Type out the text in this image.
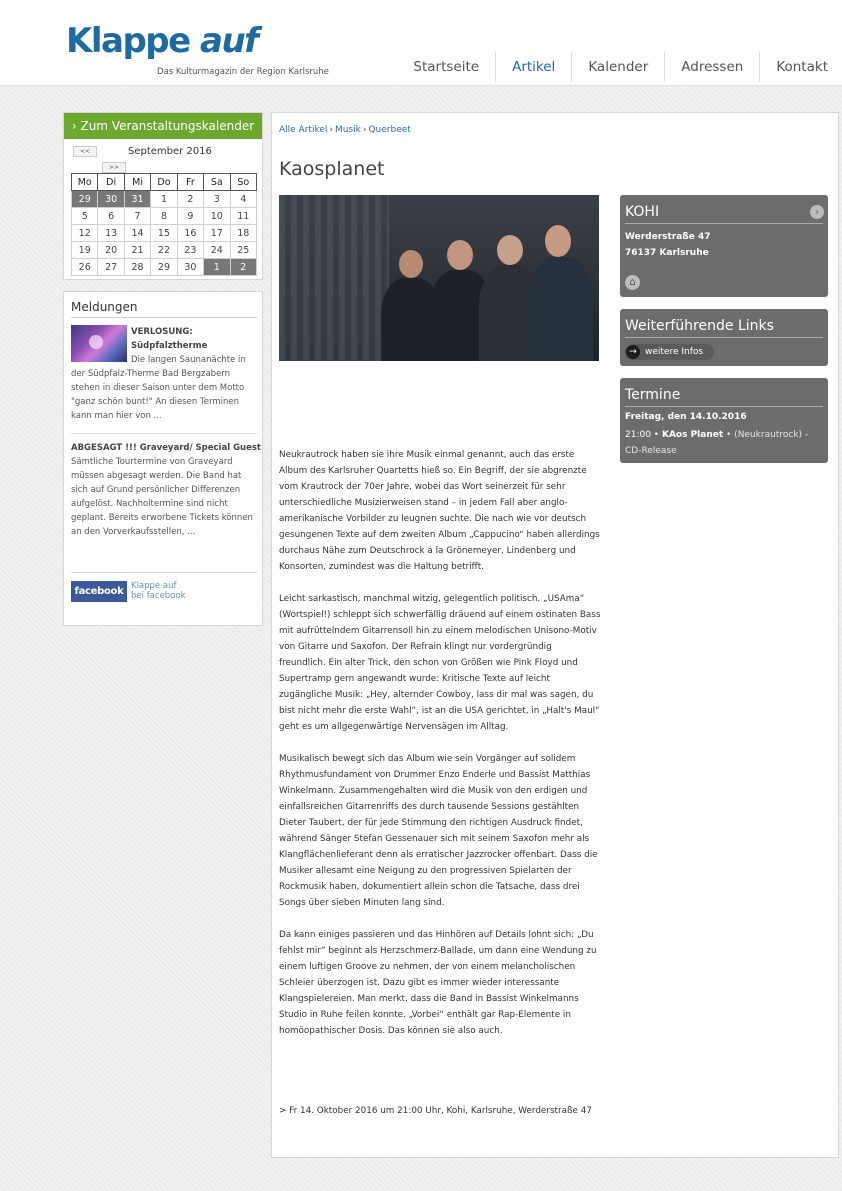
Klappe auf
Das Kulturmagazin der Region Karlsruhe	Startseite	Artikel	Kalender	Adressen	Kontakt
› Zum Veranstaltungskalender
<<	September 2016
>>
Mo	Di	Mi	Do	Fr	Sa	So
29	30	31	1	2	3	4
5	6	7	8	9	10	11
12	13	14	15	16	17	18
19	20	21	22	23	24	25
26	27	28	29	30	1	2
Meldungen
VERLOSUNG: Südpfalztherme
Die langen Saunanächte in der Südpfalz-Therme Bad Bergzabern stehen in dieser Saison unter dem Motto "ganz schön bunt!" An diesen Terminen kann man hier von ...
ABGESAGT !!! Graveyard/ Special Guest
Sämtliche Tourtermine von Graveyard müssen abgesagt werden. Die Band hat sich auf Grund persönlicher Differenzen aufgelöst. Nachholtermine sind nicht geplant. Bereits erworbene Tickets können an den Vorverkaufsstellen, ...
facebook Klappe auf
bei facebook
Alle Artikel › Musik › Querbeet
Kaosplanet

Neukrautrock haben sie ihre Musik einmal genannt, auch das erste Album des Karlsruher Quartetts hieß so. Ein Begriff, der sie abgrenzte vom Krautrock der 70er Jahre, wobei das Wort seinerzeit für sehr unterschiedliche Musizierweisen stand – in jedem Fall aber anglo-amerikanische Vorbilder zu leugnen suchte. Die nach wie vor deutsch gesungenen Texte auf dem zweiten Album „Cappucino“ haben allerdings durchaus Nähe zum Deutschrock á la Grönemeyer, Lindenberg und Konsorten, zumindest was die Haltung betrifft.

Leicht sarkastisch, manchmal witzig, gelegentlich politisch. „USAma“ (Wortspiel!) schleppt sich schwerfällig dräuend auf einem ostinaten Bass mit aufrüttelndem Gitarrensoll hin zu einem melodischen Unisono-Motiv von Gitarre und Saxofon. Der Refrain klingt nur vordergründig freundlich. Ein alter Trick, den schon von Größen wie Pink Floyd und Supertramp gern angewandt wurde: Kritische Texte auf leicht zugängliche Musik: „Hey, alternder Cowboy, lass dir mal was sagen, du bist nicht mehr die erste Wahl“, ist an die USA gerichtet, in „Halt's Maul“ geht es um allgegenwärtige Nervensägen im Alltag.

Musikalisch bewegt sich das Album wie sein Vorgänger auf solidem Rhythmusfundament von Drummer Enzo Enderle und Bassist Matthias Winkelmann. Zusammengehalten wird die Musik von den erdigen und einfallsreichen Gitarrenriffs des durch tausende Sessions gestählten Dieter Taubert, der für jede Stimmung den richtigen Ausdruck findet, während Sänger Stefan Gessenauer sich mit seinem Saxofon mehr als Klangflächenlieferant denn als erratischer Jazzrocker offenbart. Dass die Musiker allesamt eine Neigung zu den progressiven Spielarten der Rockmusik haben, dokumentiert allein schon die Tatsache, dass drei Songs über sieben Minuten lang sind.

Da kann einiges passieren und das Hinhören auf Details lohnt sich: „Du fehlst mir“ beginnt als Herzschmerz-Ballade, um dann eine Wendung zu einem luftigen Groove zu nehmen, der von einem melancholischen Schleier überzogen ist. Dazu gibt es immer wieder interessante Klangspielereien. Man merkt, dass die Band in Bassist Winkelmanns Studio in Ruhe feilen konnte. „Vorbei“ enthält gar Rap-Elemente in homöopathischer Dosis. Das können sie also auch.

> Fr 14. Oktober 2016 um 21:00 Uhr, Kohi, Karlsruhe, Werderstraße 47
KOHI	›
Werderstraße 47
76137 Karlsruhe
⌂
Weiterführende Links
→ weitere Infos
Termine
Freitag, den 14.10.2016
21:00 • KAos Planet • (Neukrautrock) - CD-Release
